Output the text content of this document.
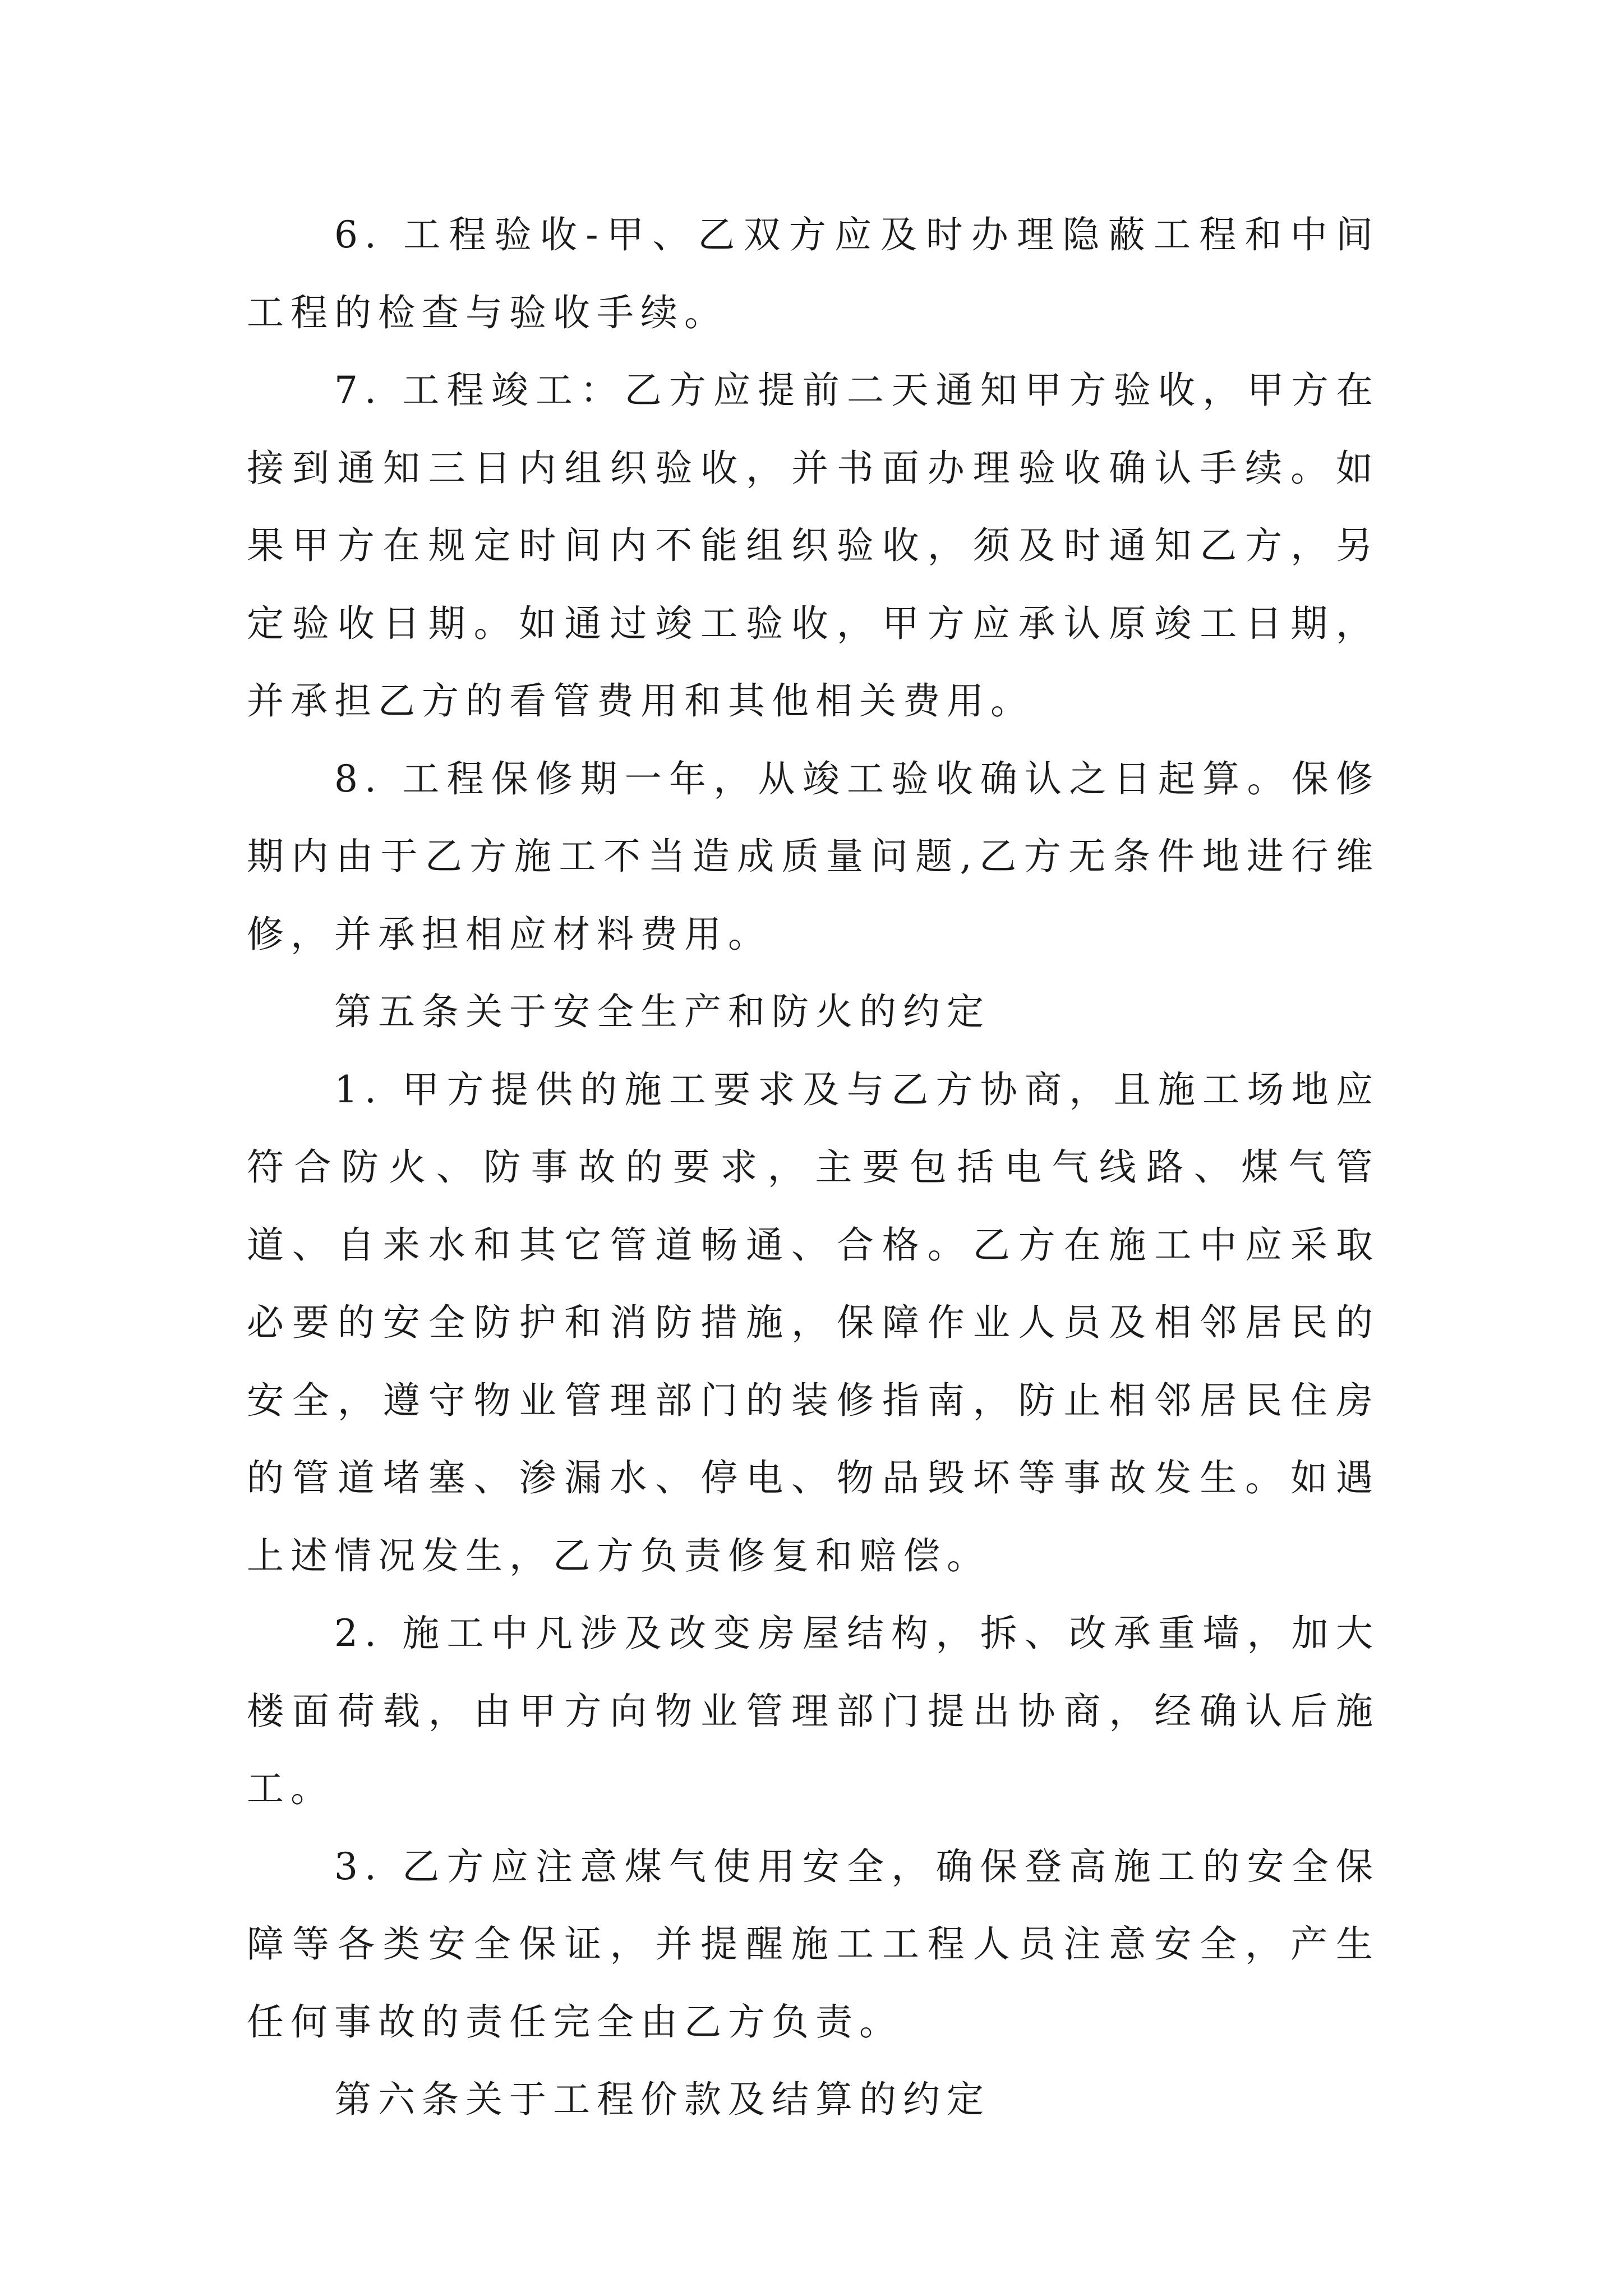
6. 工程验收-甲、乙双方应及时办理隐蔽工程和中间工程的检查与验收手续。

7. 工程竣工：乙方应提前二天通知甲方验收，甲方在接到通知三日内组织验收，并书面办理验收确认手续。如果甲方在规定时间内不能组织验收，须及时通知乙方，另定验收日期。如通过竣工验收，甲方应承认原竣工日期，并承担乙方的看管费用和其他相关费用。

8. 工程保修期一年，从竣工验收确认之日起算。保修期内由于乙方施工不当造成质量问题,乙方无条件地进行维修，并承担相应材料费用。

第五条关于安全生产和防火的约定

1. 甲方提供的施工要求及与乙方协商，且施工场地应符合防火、防事故的要求，主要包括电气线路、煤气管道、自来水和其它管道畅通、合格。乙方在施工中应采取必要的安全防护和消防措施，保障作业人员及相邻居民的安全，遵守物业管理部门的装修指南，防止相邻居民住房的管道堵塞、渗漏水、停电、物品毁坏等事故发生。如遇上述情况发生，乙方负责修复和赔偿。

2. 施工中凡涉及改变房屋结构，拆、改承重墙，加大楼面荷载，由甲方向物业管理部门提出协商，经确认后施工。

3. 乙方应注意煤气使用安全，确保登高施工的安全保障等各类安全保证，并提醒施工工程人员注意安全，产生任何事故的责任完全由乙方负责。

第六条关于工程价款及结算的约定
